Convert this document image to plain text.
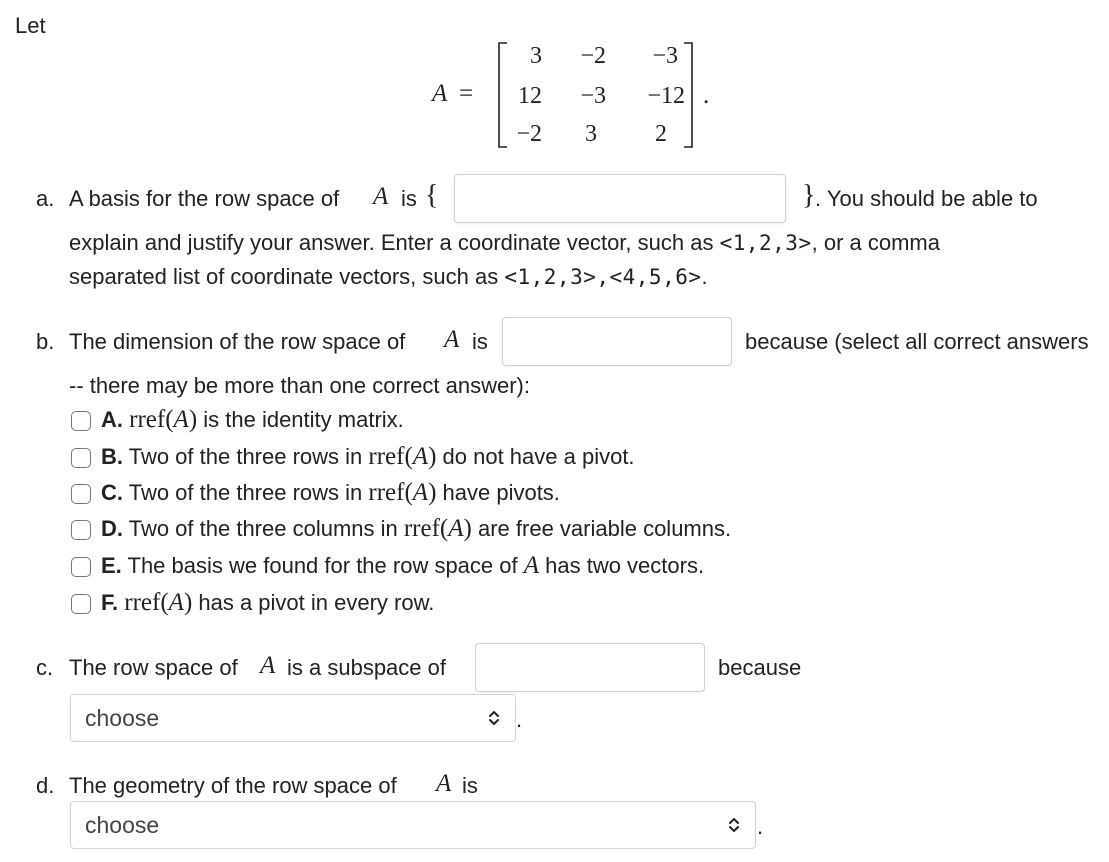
Let
A =
3	−2	−3
12	−3	−12
−2	3	2
.
a. A basis for the row space of A is {	} . You should be able to
explain and justify your answer. Enter a coordinate vector, such as <1,2,3>, or a comma
separated list of coordinate vectors, such as <1,2,3>,<4,5,6>.
b. The dimension of the row space of A is	because (select all correct answers
-- there may be more than one correct answer):
A. rref(A) is the identity matrix.
B. Two of the three rows in rref(A) do not have a pivot.
C. Two of the three rows in rref(A) have pivots.
D. Two of the three columns in rref(A) are free variable columns.
E. The basis we found for the row space of A has two vectors.
F. rref(A) has a pivot in every row.
c. The row space of A is a subspace of	because
choose	.
d. The geometry of the row space of A is
choose	.
